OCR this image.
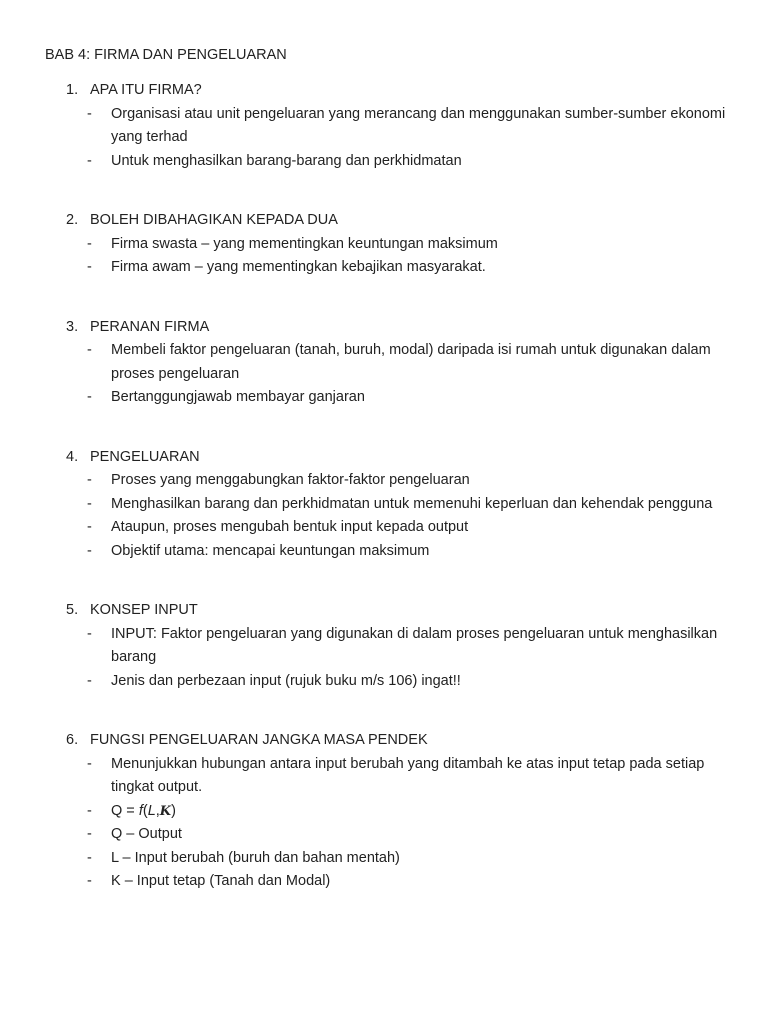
BAB 4: FIRMA DAN PENGELUARAN
1. APA ITU FIRMA?
-	Organisasi atau unit pengeluaran yang merancang dan menggunakan sumber-sumber ekonomi yang terhad
-	Untuk menghasilkan barang-barang dan perkhidmatan
2. BOLEH DIBAHAGIKAN KEPADA DUA
-	Firma swasta – yang mementingkan keuntungan maksimum
-	Firma awam – yang mementingkan kebajikan masyarakat.
3. PERANAN FIRMA
-	Membeli faktor pengeluaran (tanah, buruh, modal) daripada isi rumah untuk digunakan dalam proses pengeluaran
-	Bertanggungjawab membayar ganjaran
4. PENGELUARAN
-	Proses yang menggabungkan faktor-faktor pengeluaran
-	Menghasilkan barang dan perkhidmatan untuk memenuhi keperluan dan kehendak pengguna
-	Ataupun, proses mengubah bentuk input kepada output
-	Objektif utama: mencapai keuntungan maksimum
5. KONSEP INPUT
-	INPUT: Faktor pengeluaran yang digunakan di dalam proses pengeluaran untuk menghasilkan barang
-	Jenis dan perbezaan input (rujuk buku m/s 106) ingat!!
6. FUNGSI PENGELUARAN JANGKA MASA PENDEK
-	Menunjukkan hubungan antara input berubah yang ditambah ke atas input tetap pada setiap tingkat output.
-	Q = f(L,K)
-	Q – Output
-	L – Input berubah (buruh dan bahan mentah)
-	K – Input tetap (Tanah dan Modal)
